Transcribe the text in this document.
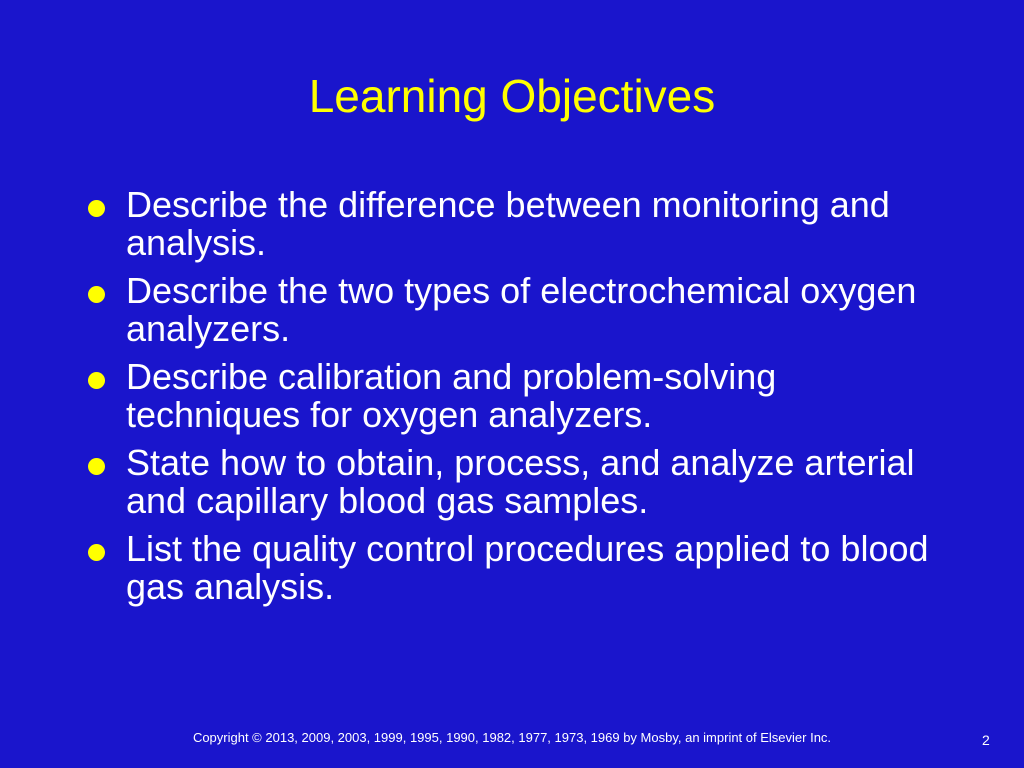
Learning Objectives
Describe the difference between monitoring and analysis.
Describe the two types of electrochemical oxygen analyzers.
Describe calibration and problem-solving techniques for oxygen analyzers.
State how to obtain, process, and analyze arterial and capillary blood gas samples.
List the quality control procedures applied to blood gas analysis.
Copyright © 2013, 2009, 2003, 1999, 1995, 1990, 1982, 1977, 1973, 1969 by Mosby, an imprint of Elsevier Inc.	2
